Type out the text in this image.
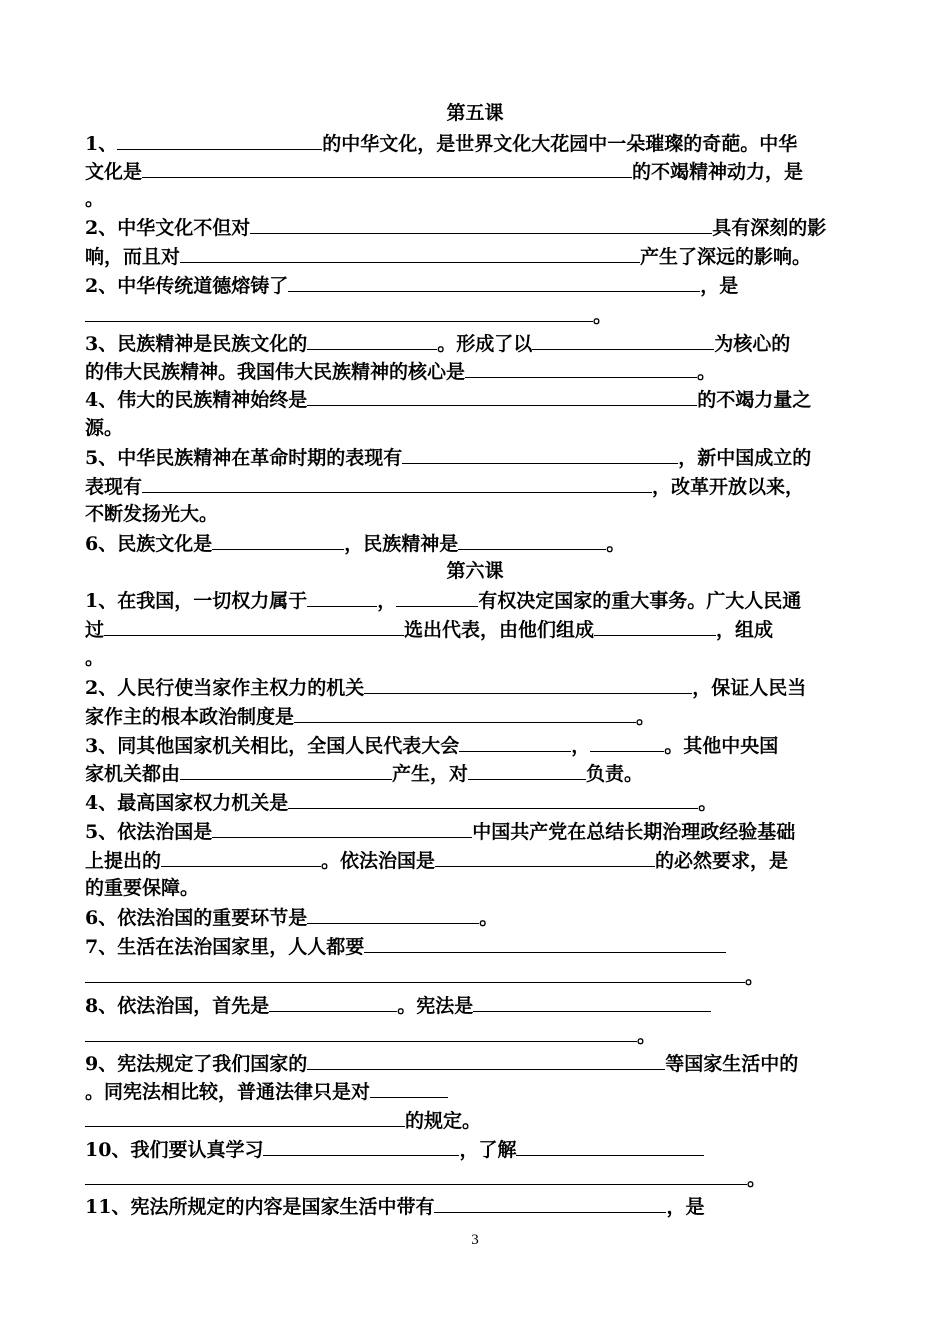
第五课
1、	的中华文化，是世界文化大花园中一朵璀璨的奇葩。中华
文化是	的不竭精神动力，是
。
2、中华文化不但对	具有深刻的影
响，而且对	产生了深远的影响。
2、中华传统道德熔铸了	，是
。
3、民族精神是民族文化的	。形成了以	为核心的
的伟大民族精神。我国伟大民族精神的核心是	。
4、伟大的民族精神始终是	的不竭力量之
源。
5、中华民族精神在革命时期的表现有	，新中国成立的
表现有	，改革开放以来，
不断发扬光大。
6、民族文化是	，民族精神是	。
第六课
1、在我国，一切权力属于	，	有权决定国家的重大事务。广大人民通
过	选出代表，由他们组成	，组成
。
2、人民行使当家作主权力的机关	，保证人民当
家作主的根本政治制度是	。
3、同其他国家机关相比，全国人民代表大会	，	。其他中央国
家机关都由	产生，对	负责。
4、最高国家权力机关是	。
5、依法治国是	中国共产党在总结长期治理政经验基础
上提出的	。依法治国是	的必然要求，是
的重要保障。
6、依法治国的重要环节是	。
7、生活在法治国家里，人人都要
。
8、依法治国，首先是	。宪法是
。
9、宪法规定了我们国家的	等国家生活中的
。同宪法相比较，普通法律只是对
的规定。
10、我们要认真学习	，了解
。
11、宪法所规定的内容是国家生活中带有	，是
3
